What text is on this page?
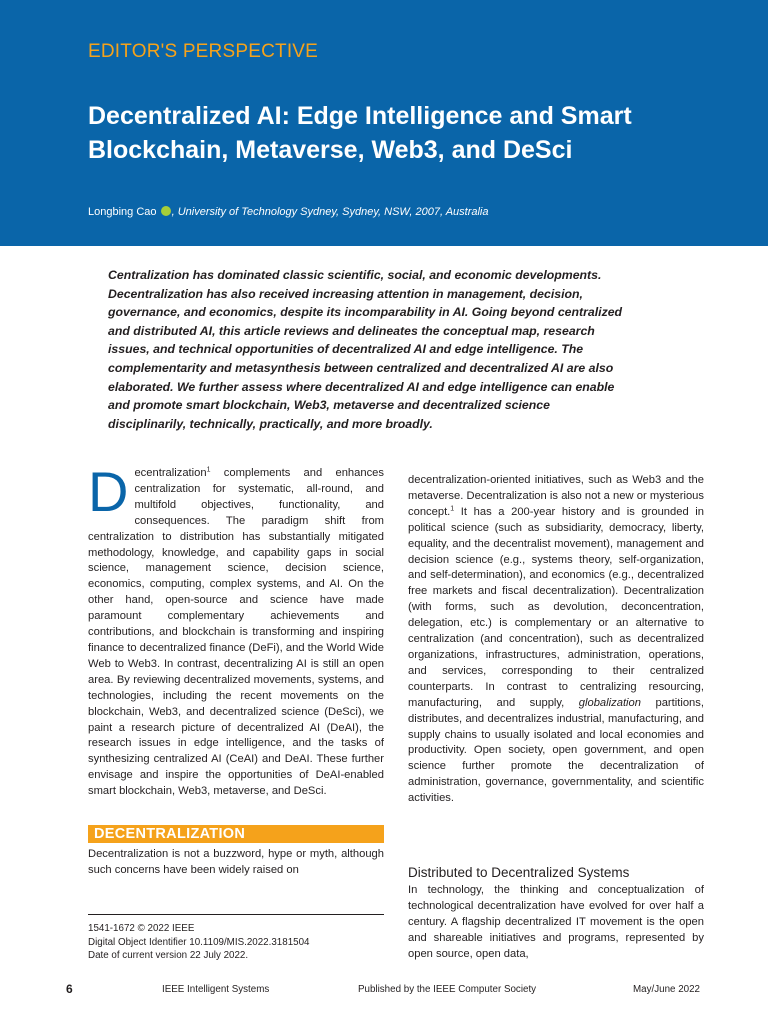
EDITOR'S PERSPECTIVE
Decentralized AI: Edge Intelligence and Smart Blockchain, Metaverse, Web3, and DeSci
Longbing Cao , University of Technology Sydney, Sydney, NSW, 2007, Australia
Centralization has dominated classic scientific, social, and economic developments. Decentralization has also received increasing attention in management, decision, governance, and economics, despite its incomparability in AI. Going beyond centralized and distributed AI, this article reviews and delineates the conceptual map, research issues, and technical opportunities of decentralized AI and edge intelligence. The complementarity and metasynthesis between centralized and decentralized AI are also elaborated. We further assess where decentralized AI and edge intelligence can enable and promote smart blockchain, Web3, metaverse and decentralized science disciplinarily, technically, practically, and more broadly.
Decentralization$^1$ complements and enhances centralization for systematic, all-round, and multifold objectives, functionality, and consequences. The paradigm shift from centralization to distribution has substantially mitigated methodology, knowledge, and capability gaps in social science, management science, decision science, economics, computing, complex systems, and AI. On the other hand, open-source and science have made paramount complementary achievements and contributions, and blockchain is transforming and inspiring finance to decentralized finance (DeFi), and the World Wide Web to Web3. In contrast, decentralizing AI is still an open area. By reviewing decentralized movements, systems, and technologies, including the recent movements on the blockchain, Web3, and decentralized science (DeSci), we paint a research picture of decentralized AI (DeAI), the research issues in edge intelligence, and the tasks of synthesizing centralized AI (CeAI) and DeAI. These further envisage and inspire the opportunities of DeAI-enabled smart blockchain, Web3, metaverse, and DeSci.
DECENTRALIZATION
Decentralization is not a buzzword, hype or myth, although such concerns have been widely raised on
decentralization-oriented initiatives, such as Web3 and the metaverse. Decentralization is also not a new or mysterious concept.$^1$ It has a 200-year history and is grounded in political science (such as subsidiarity, democracy, liberty, equality, and the decentralist movement), management and decision science (e.g., systems theory, self-organization, and self-determination), and economics (e.g., decentralized free markets and fiscal decentralization). Decentralization (with forms, such as devolution, deconcentration, delegation, etc.) is complementary or an alternative to centralization (and concentration), such as decentralized organizations, infrastructures, administration, operations, and services, corresponding to their centralized counterparts. In contrast to centralizing resourcing, manufacturing, and supply, globalization partitions, distributes, and decentralizes industrial, manufacturing, and supply chains to usually isolated and local economies and productivity. Open society, open government, and open science further promote the decentralization of administration, governance, governmentality, and scientific activities.
Distributed to Decentralized Systems
In technology, the thinking and conceptualization of technological decentralization have evolved for over half a century. A flagship decentralized IT movement is the open and shareable initiatives and programs, represented by open source, open data,
1541-1672 © 2022 IEEE
Digital Object Identifier 10.1109/MIS.2022.3181504
Date of current version 22 July 2022.
6	IEEE Intelligent Systems	Published by the IEEE Computer Society	May/June 2022
